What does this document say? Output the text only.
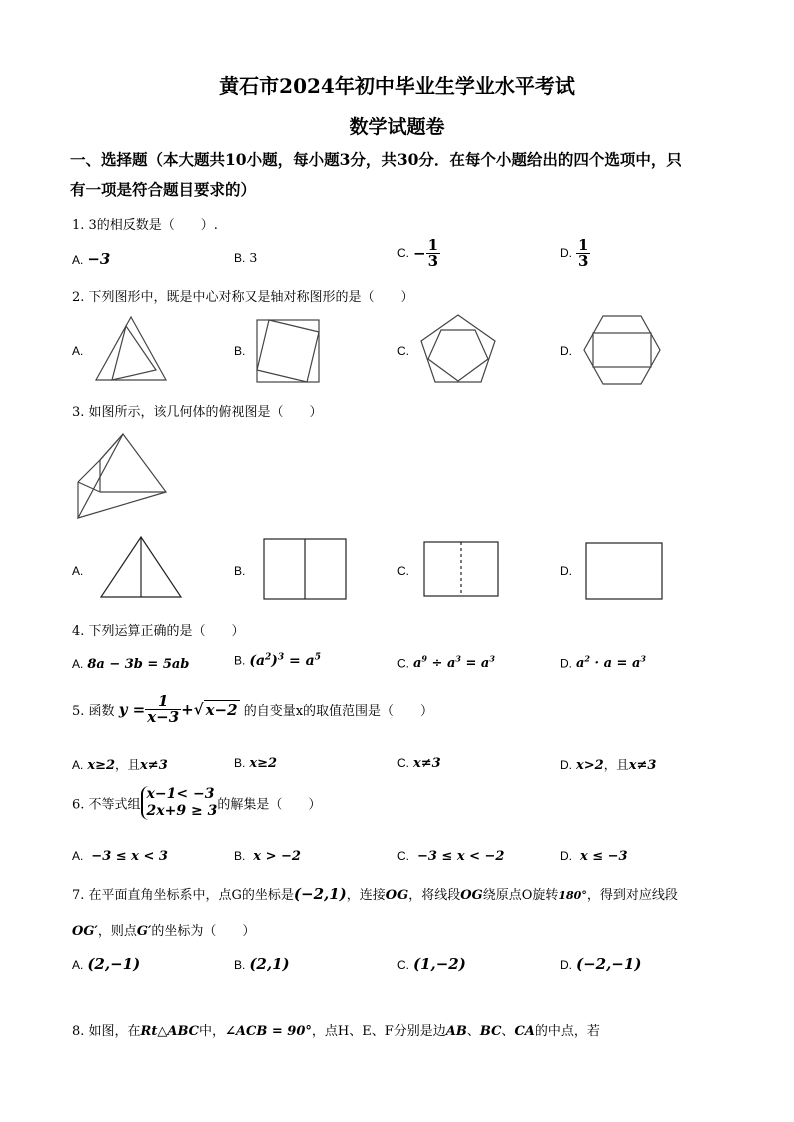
黄石市2024年初中毕业生学业水平考试
数学试题卷
一、选择题（本大题共10小题，每小题3分，共30分．在每个小题给出的四个选项中，只
有一项是符合题目要求的）
1. 3的相反数是（　　）.
A. −3	B. 3	C. − $\frac{1}{3}$	D. $\frac{1}{3}$
2. 下列图形中，既是中心对称又是轴对称图形的是（　　）
A.	B.	C.	D.
3. 如图所示，该几何体的俯视图是（　　）
A.	B.	C.	D.
4. 下列运算正确的是（　　）
A. 8a − 3b = 5ab	B. $(a^2)^3 = a^5$	C. $a^9 \div a^3 = a^3$	D. $a^2 \cdot a = a^3$
5. 函数 $y = \frac{1}{x-3}$ +√ x−2 的自变量x的取值范围是（　　）
A. x≥2，且x≠3	B. x≥2	C. x≠3	D. x>2，且x≠3
6. 不等式组
x−1< −3
2x+9 ≥ 3 的解集是（　　）
A. −3 ≤ x < 3	B. x > −2	C. −3 ≤ x < −2	D. x ≤ −3
7. 在平面直角坐标系中，点G的坐标是(−2,1)，连接OG，将线段OG绕原点O旋转180°，得到对应线段
OG′，则点G′的坐标为（　　）
A. (2,−1)	B. (2,1)	C. (1,−2)	D. (−2,−1)
8. 如图，在Rt△ABC中，∠ACB = 90°，点H、E、F分别是边AB、BC、CA的中点，若
